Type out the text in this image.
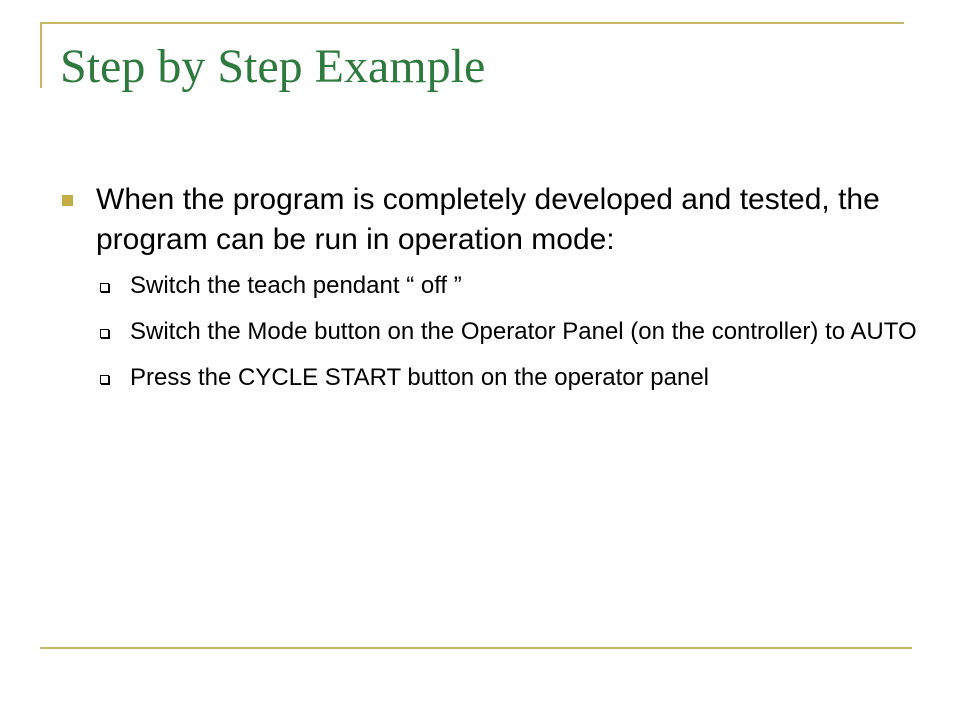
Step by Step Example
When the program is completely developed and tested, the program can be run in operation mode:
Switch the teach pendant “ off ”
Switch the Mode button on the Operator Panel (on the controller) to AUTO
Press the CYCLE START button on the operator panel
